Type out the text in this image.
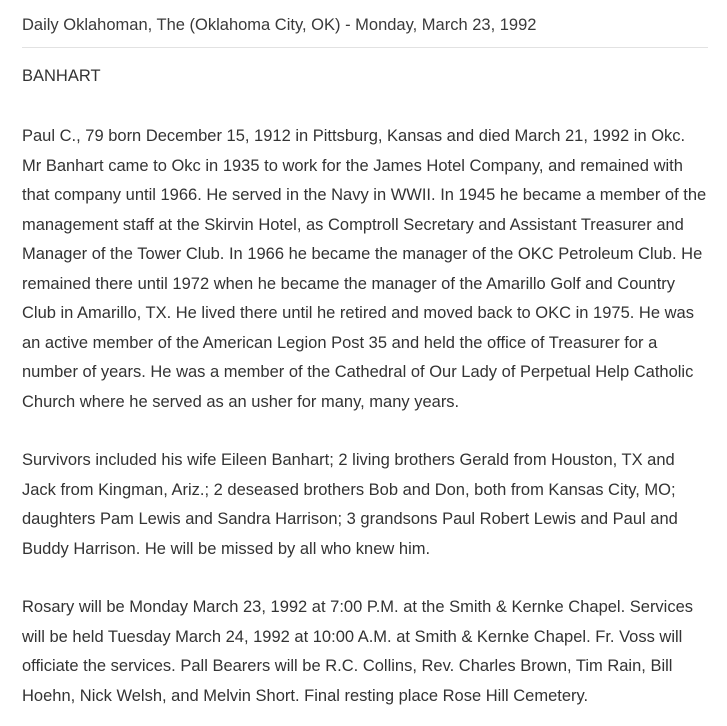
Daily Oklahoman, The (Oklahoma City, OK) - Monday, March 23, 1992
BANHART

Paul C., 79 born December 15, 1912 in Pittsburg, Kansas and died March 21, 1992 in Okc. Mr Banhart came to Okc in 1935 to work for the James Hotel Company, and remained with that company until 1966. He served in the Navy in WWII. In 1945 he became a member of the management staff at the Skirvin Hotel, as Comptroll Secretary and Assistant Treasurer and Manager of the Tower Club. In 1966 he became the manager of the OKC Petroleum Club. He remained there until 1972 when he became the manager of the Amarillo Golf and Country Club in Amarillo, TX. He lived there until he retired and moved back to OKC in 1975. He was an active member of the American Legion Post 35 and held the office of Treasurer for a number of years. He was a member of the Cathedral of Our Lady of Perpetual Help Catholic Church where he served as an usher for many, many years.

Survivors included his wife Eileen Banhart; 2 living brothers Gerald from Houston, TX and Jack from Kingman, Ariz.; 2 deseased brothers Bob and Don, both from Kansas City, MO; daughters Pam Lewis and Sandra Harrison; 3 grandsons Paul Robert Lewis and Paul and Buddy Harrison. He will be missed by all who knew him.

Rosary will be Monday March 23, 1992 at 7:00 P.M. at the Smith & Kernke Chapel. Services will be held Tuesday March 24, 1992 at 10:00 A.M. at Smith & Kernke Chapel. Fr. Voss will officiate the services. Pall Bearers will be R.C. Collins, Rev. Charles Brown, Tim Rain, Bill Hoehn, Nick Welsh, and Melvin Short. Final resting place Rose Hill Cemetery.
